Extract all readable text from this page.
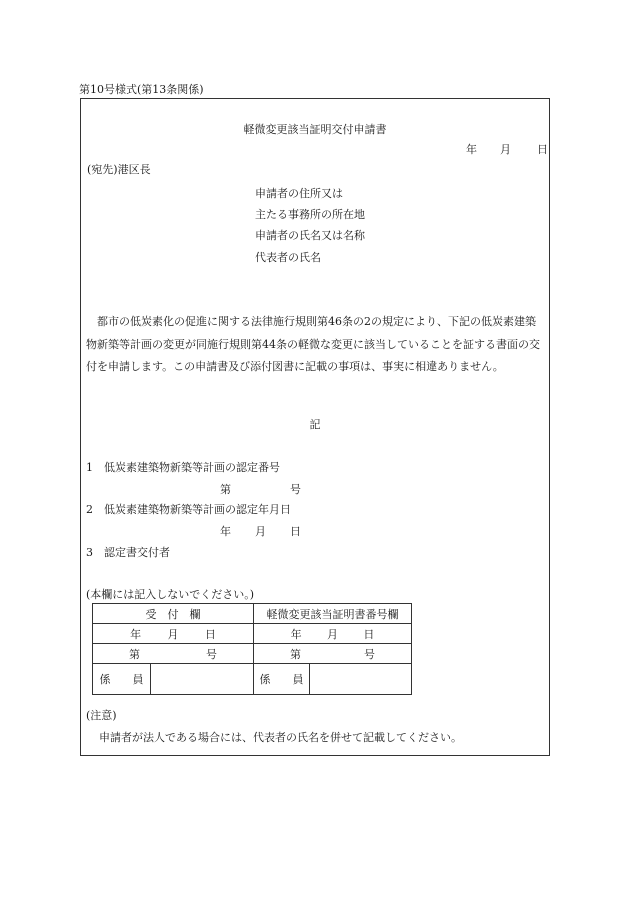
第10号様式(第13条関係)
軽微変更該当証明交付申請書
年 月 日
(宛先)港区長
申請者の住所又は
主たる事務所の所在地
申請者の氏名又は名称
代表者の氏名
都市の低炭素化の促進に関する法律施行規則第46条の2の規定により、下記の低炭素建築物新築等計画の変更が同施行規則第44条の軽微な変更に該当していることを証する書面の交付を申請します。この申請書及び添付図書に記載の事項は、事実に相違ありません。
記
1　低炭素建築物新築等計画の認定番号
第	号
2　低炭素建築物新築等計画の認定年月日
年 月 日
3　認定書交付者
(本欄には記入しないでください。)
受　付　欄		軽微変更該当証明書番号欄	

年 月 日		年 月 日	

第 号		第 号	

係　　員		係　　員	
(注意)
申請者が法人である場合には、代表者の氏名を併せて記載してください。
